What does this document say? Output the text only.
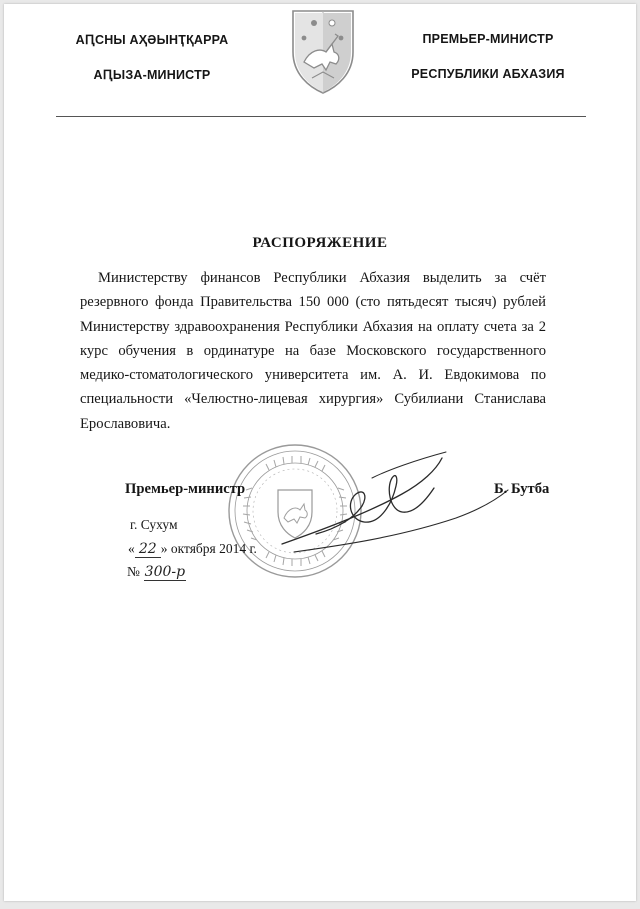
АԤСНЫ АҲӘЫНҬҚАРРА
АԤЫЗА-МИНИСТР
ПРЕМЬЕР-МИНИСТР
РЕСПУБЛИКИ АБХАЗИЯ
РАСПОРЯЖЕНИЕ
Министерству финансов Республики Абхазия выделить за счёт резервного фонда Правительства 150 000 (сто пятьдесят тысяч) рублей Министерству здравоохранения Республики Абхазия на оплату счета за 2 курс обучения в ординатуре на базе Московского государственного медико-стоматологического университета им. А. И. Евдокимова по специальности «Челюстно-лицевая хирургия» Субилиани Станислава Ерославовича.
Премьер-министр	Б. Бутба
г. Сухум
« 22 » октября 2014 г.
№ 300-р
